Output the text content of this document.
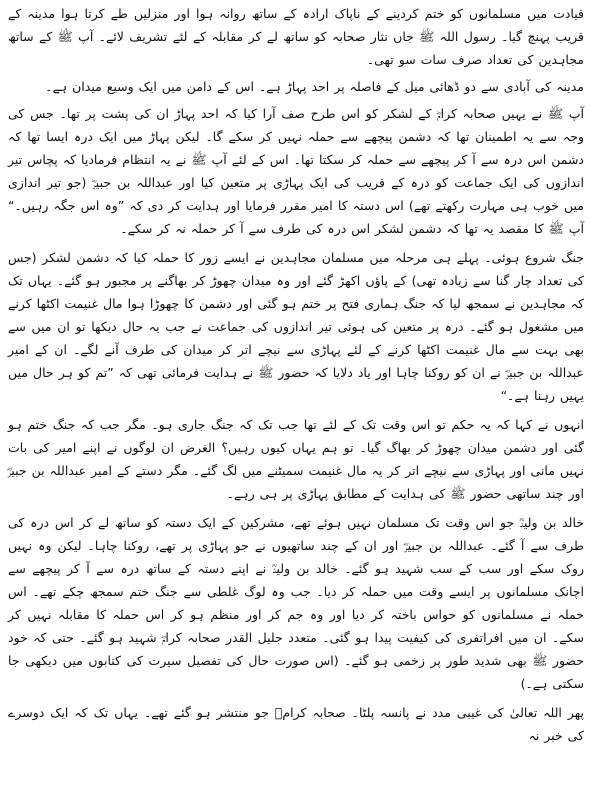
قیادت میں مسلمانوں کو ختم کردینے کے ناپاک ارادہ کے ساتھ روانہ ہوا اور منزلیں طے کرتا ہوا مدینہ کے قریب پہنچ گیا۔ رسول اللہ ﷺ جاں نثار صحابہ کو ساتھ لے کر مقابلہ کے لئے تشریف لائے۔ آپ ﷺ کے ساتھ مجاہدین کی تعداد صرف سات سو تھی۔

مدینہ کی آبادی سے دو ڈھائی میل کے فاصلہ پر احد پہاڑ ہے۔ اس کے دامن میں ایک وسیع میدان ہے۔

آپ ﷺ نے یہیں صحابہ کرامؓ کے لشکر کو اس طرح صف آرا کیا کہ احد پہاڑ ان کی پشت پر تھا۔ جس کی وجہ سے یہ اطمینان تھا کہ دشمن پیچھے سے حملہ نہیں کر سکے گا۔ لیکن پہاڑ میں ایک درہ ایسا تھا کہ دشمن اس درہ سے آ کر پیچھے سے حملہ کر سکتا تھا۔ اس کے لئے آپ ﷺ نے یہ انتظام فرمادیا کہ پچاس تیر اندازوں کی ایک جماعت کو درہ کے قریب کی ایک پہاڑی پر متعین کیا اور عبداللہ بن جبیرؓ (جو تیر اندازی میں خوب ہی مہارت رکھتے تھے) اس دستہ کا امیر مقرر فرمایا اور ہدایت کر دی کہ ”وہ اس جگہ رہیں۔“ آپ ﷺ کا مقصد یہ تھا کہ دشمن لشکر اس درہ کی طرف سے آ کر حملہ نہ کر سکے۔

جنگ شروع ہوئی۔ پہلے ہی مرحلہ میں مسلمان مجاہدین نے ایسے زور کا حملہ کیا کہ دشمن لشکر (جس کی تعداد چار گنا سے زیادہ تھی) کے پاؤں اکھڑ گئے اور وہ میدان چھوڑ کر بھاگنے پر مجبور ہو گئے۔ یہاں تک کہ مجاہدین نے سمجھ لیا کہ جنگ ہماری فتح پر ختم ہو گئی اور دشمن کا چھوڑا ہوا مال غنیمت اکٹھا کرنے میں مشغول ہو گئے۔ درہ پر متعین کی ہوئی تیر اندازوں کی جماعت نے جب یہ حال دیکھا تو ان میں سے بھی بہت سے مال غنیمت اکٹھا کرنے کے لئے پہاڑی سے نیچے اتر کر میدان کی طرف آنے لگے۔ ان کے امیر عبداللہ بن جبیرؓ نے ان کو روکنا چاہا اور یاد دلایا کہ حضور ﷺ نے ہدایت فرمائی تھی کہ ”تم کو ہر حال میں یہیں رہنا ہے۔“

انہوں نے کہا کہ یہ حکم تو اس وقت تک کے لئے تھا جب تک کہ جنگ جاری ہو۔ مگر جب کہ جنگ ختم ہو گئی اور دشمن میدان چھوڑ کر بھاگ گیا۔ تو ہم یہاں کیوں رہیں؟ الغرض ان لوگوں نے اپنے امیر کی بات نہیں مانی اور پہاڑی سے نیچے اتر کر یہ مال غنیمت سمیٹنے میں لگ گئے۔ مگر دستے کے امیر عبداللہ بن جبیرؓ اور چند ساتھی حضور ﷺ کی ہدایت کے مطابق پہاڑی پر ہی رہے۔

خالد بن ولیدؓ جو اس وقت تک مسلمان نہیں ہوئے تھے، مشرکین کے ایک دستہ کو ساتھ لے کر اس درہ کی طرف سے آ گئے۔ عبداللہ بن جبیرؓ اور ان کے چند ساتھیوں نے جو پہاڑی پر تھے، روکنا چاہا۔ لیکن وہ نہیں روک سکے اور سب کے سب شہید ہو گئے۔ خالد بن ولیدؓ نے اپنے دستہ کے ساتھ درہ سے آ کر پیچھے سے اچانک مسلمانوں پر ایسے وقت میں حملہ کر دیا۔ جب وہ لوگ غلطی سے جنگ ختم سمجھ چکے تھے۔ اس حملہ نے مسلمانوں کو حواس باختہ کر دیا اور وہ جم کر اور منظم ہو کر اس حملہ کا مقابلہ نہیں کر سکے۔ ان میں افراتفری کی کیفیت پیدا ہو گئی۔ متعدد جلیل القدر صحابہ کرامؓ شہید ہو گئے۔ حتی کہ خود حضور ﷺ بھی شدید طور پر زخمی ہو گئے۔ (اس صورت حال کی تفصیل سیرت کی کتابوں میں دیکھی جا سکتی ہے۔)

پھر اللہ تعالیٰ کی غیبی مدد نے پانسہ پلٹا۔ صحابہ کرامؓ جو منتشر ہو گئے تھے۔ یہاں تک کہ ایک دوسرے کی خبر نہ
